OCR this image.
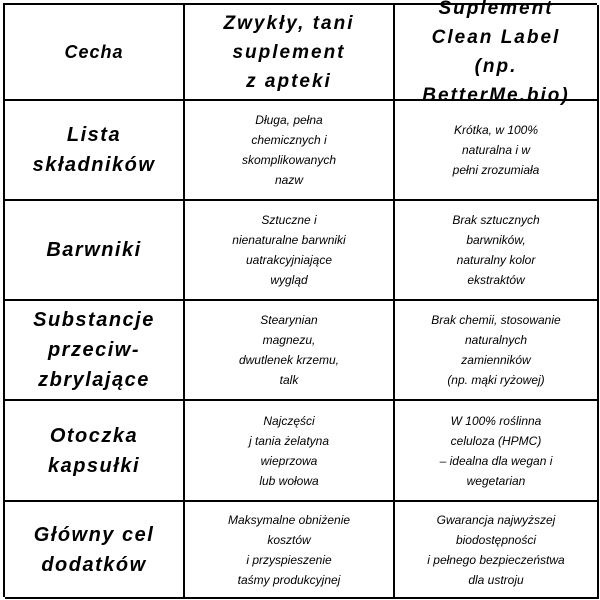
Cecha
Zwykły, tani
suplement
z apteki
Suplement
Clean Label
(np. BetterMe.bio)
Lista
składników
Długa, pełna
chemicznych i
skomplikowanych
nazw
Krótka, w 100%
naturalna i w
pełni zrozumiała
Barwniki
Sztuczne i
nienaturalne barwniki
uatrakcyjniające
wygląd
Brak sztucznych
barwników,
naturalny kolor
ekstraktów
Substancje
przeciw-
zbrylające
Stearynian
magnezu,
dwutlenek krzemu,
talk
Brak chemii, stosowanie
naturalnych
zamienników
(np. mąki ryżowej)
Otoczka
kapsułki
Najczęści
j tania żelatyna
wieprzowa
lub wołowa
W 100% roślinna
celuloza (HPMC)
– idealna dla wegan i
wegetarian
Główny cel
dodatków
Maksymalne obniżenie
kosztów
i przyspieszenie
taśmy produkcyjnej
Gwarancja najwyższej
biodostępności
i pełnego bezpieczeństwa
dla ustroju
